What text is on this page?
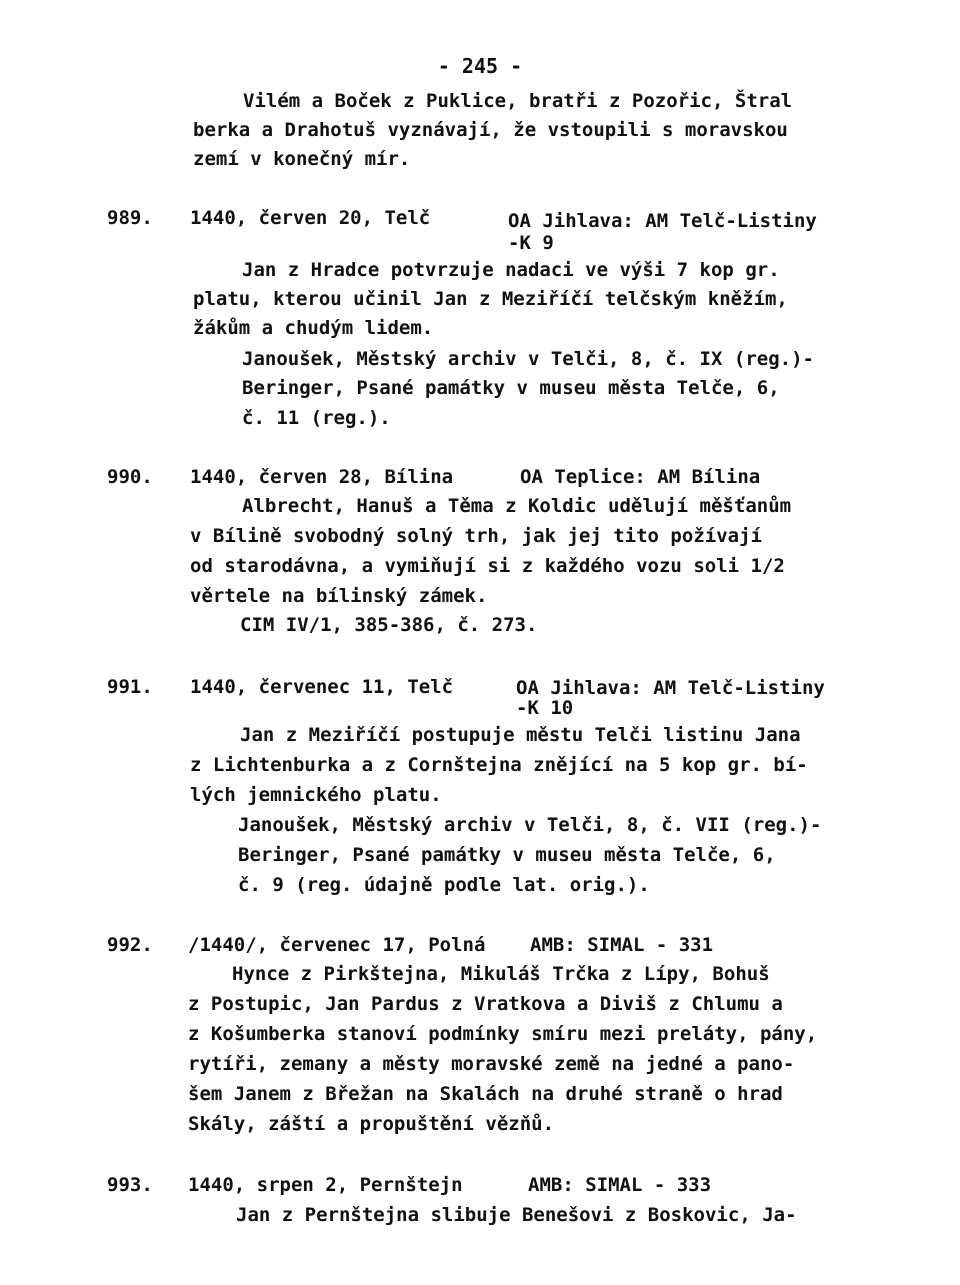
- 245 -
Vilém a Boček z Puklice, bratři z Pozořic, Štral
berka a Drahotuš vyznávají, že vstoupili s moravskou
zemí v konečný mír.
989. 1440, červen 20, Telč	OA Jihlava: AM Telč-Listiny
-K 9
Jan z Hradce potvrzuje nadaci ve výši 7 kop gr.
platu, kterou učinil Jan z Meziříčí telčským kněžím,
žákům a chudým lidem.
Janoušek, Městský archiv v Telči, 8, č. IX (reg.)-
Beringer, Psané památky v museu města Telče, 6,
č. 11 (reg.).
990. 1440, červen 28, Bílina	OA Teplice: AM Bílina
Albrecht, Hanuš a Těma z Koldic udělují měšťanům
v Bílině svobodný solný trh, jak jej tito požívají
od starodávna, a vymiňují si z každého vozu soli 1/2
věrtele na bílinský zámek.
CIM IV/1, 385-386, č. 273.
991. 1440, červenec 11, Telč	OA Jihlava: AM Telč-Listiny
-K 10
Jan z Meziříčí postupuje městu Telči listinu Jana
z Lichtenburka a z Cornštejna znějící na 5 kop gr. bí-
lých jemnického platu.
Janoušek, Městský archiv v Telči, 8, č. VII (reg.)-
Beringer, Psané památky v museu města Telče, 6,
č. 9 (reg. údajně podle lat. orig.).
992. /1440/, červenec 17, Polná AMB: SIMAL - 331
Hynce z Pirkštejna, Mikuláš Trčka z Lípy, Bohuš
z Postupic, Jan Pardus z Vratkova a Diviš z Chlumu a
z Košumberka stanoví podmínky smíru mezi preláty, pány,
rytíři, zemany a městy moravské země na jedné a pano-
šem Janem z Břežan na Skalách na druhé straně o hrad
Skály, záští a propuštění vězňů.
993. 1440, srpen 2, Pernštejn	AMB: SIMAL - 333
Jan z Pernštejna slibuje Benešovi z Boskovic, Ja-
